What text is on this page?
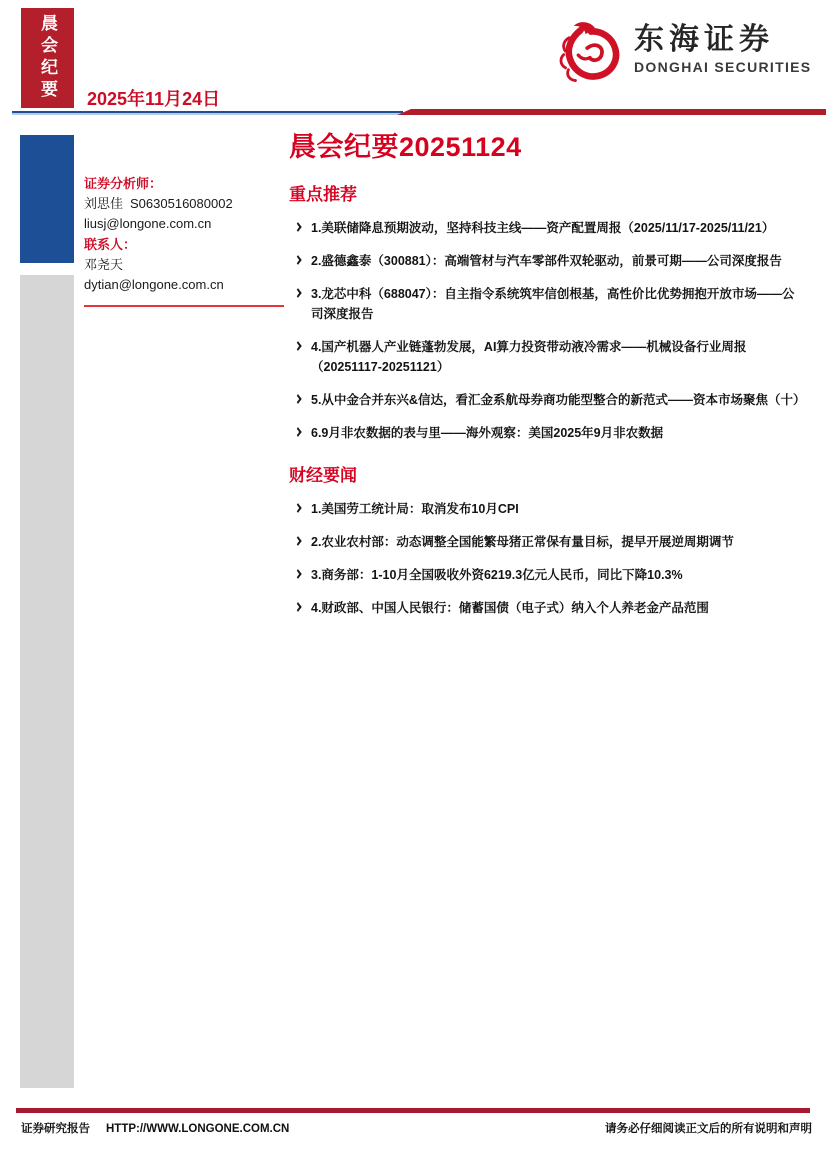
晨会纪要	东海证券
DONGHAI SECURITIES
2025年11月24日
证券分析师：
刘思佳 S0630516080002
liusj@longone.com.cn
联系人：
邓尧天
dytian@longone.com.cn
晨会纪要20251124
重点推荐
1.美联储降息预期波动，坚持科技主线——资产配置周报（2025/11/17-2025/11/21）
2.盛德鑫泰（300881）：高端管材与汽车零部件双轮驱动，前景可期——公司深度报告
3.龙芯中科（688047）：自主指令系统筑牢信创根基，高性价比优势拥抱开放市场——公司深度报告
4.国产机器人产业链蓬勃发展，AI算力投资带动液冷需求——机械设备行业周报（20251117-20251121）
5.从中金合并东兴&信达，看汇金系航母券商功能型整合的新范式——资本市场聚焦（十）
6.9月非农数据的表与里——海外观察：美国2025年9月非农数据
财经要闻
1.美国劳工统计局：取消发布10月CPI
2.农业农村部：动态调整全国能繁母猪正常保有量目标，提早开展逆周期调节
3.商务部：1-10月全国吸收外资6219.3亿元人民币，同比下降10.3%
4.财政部、中国人民银行：储蓄国债（电子式）纳入个人养老金产品范围
证券研究报告 HTTP://WWW.LONGONE.COM.CN	请务必仔细阅读正文后的所有说明和声明
